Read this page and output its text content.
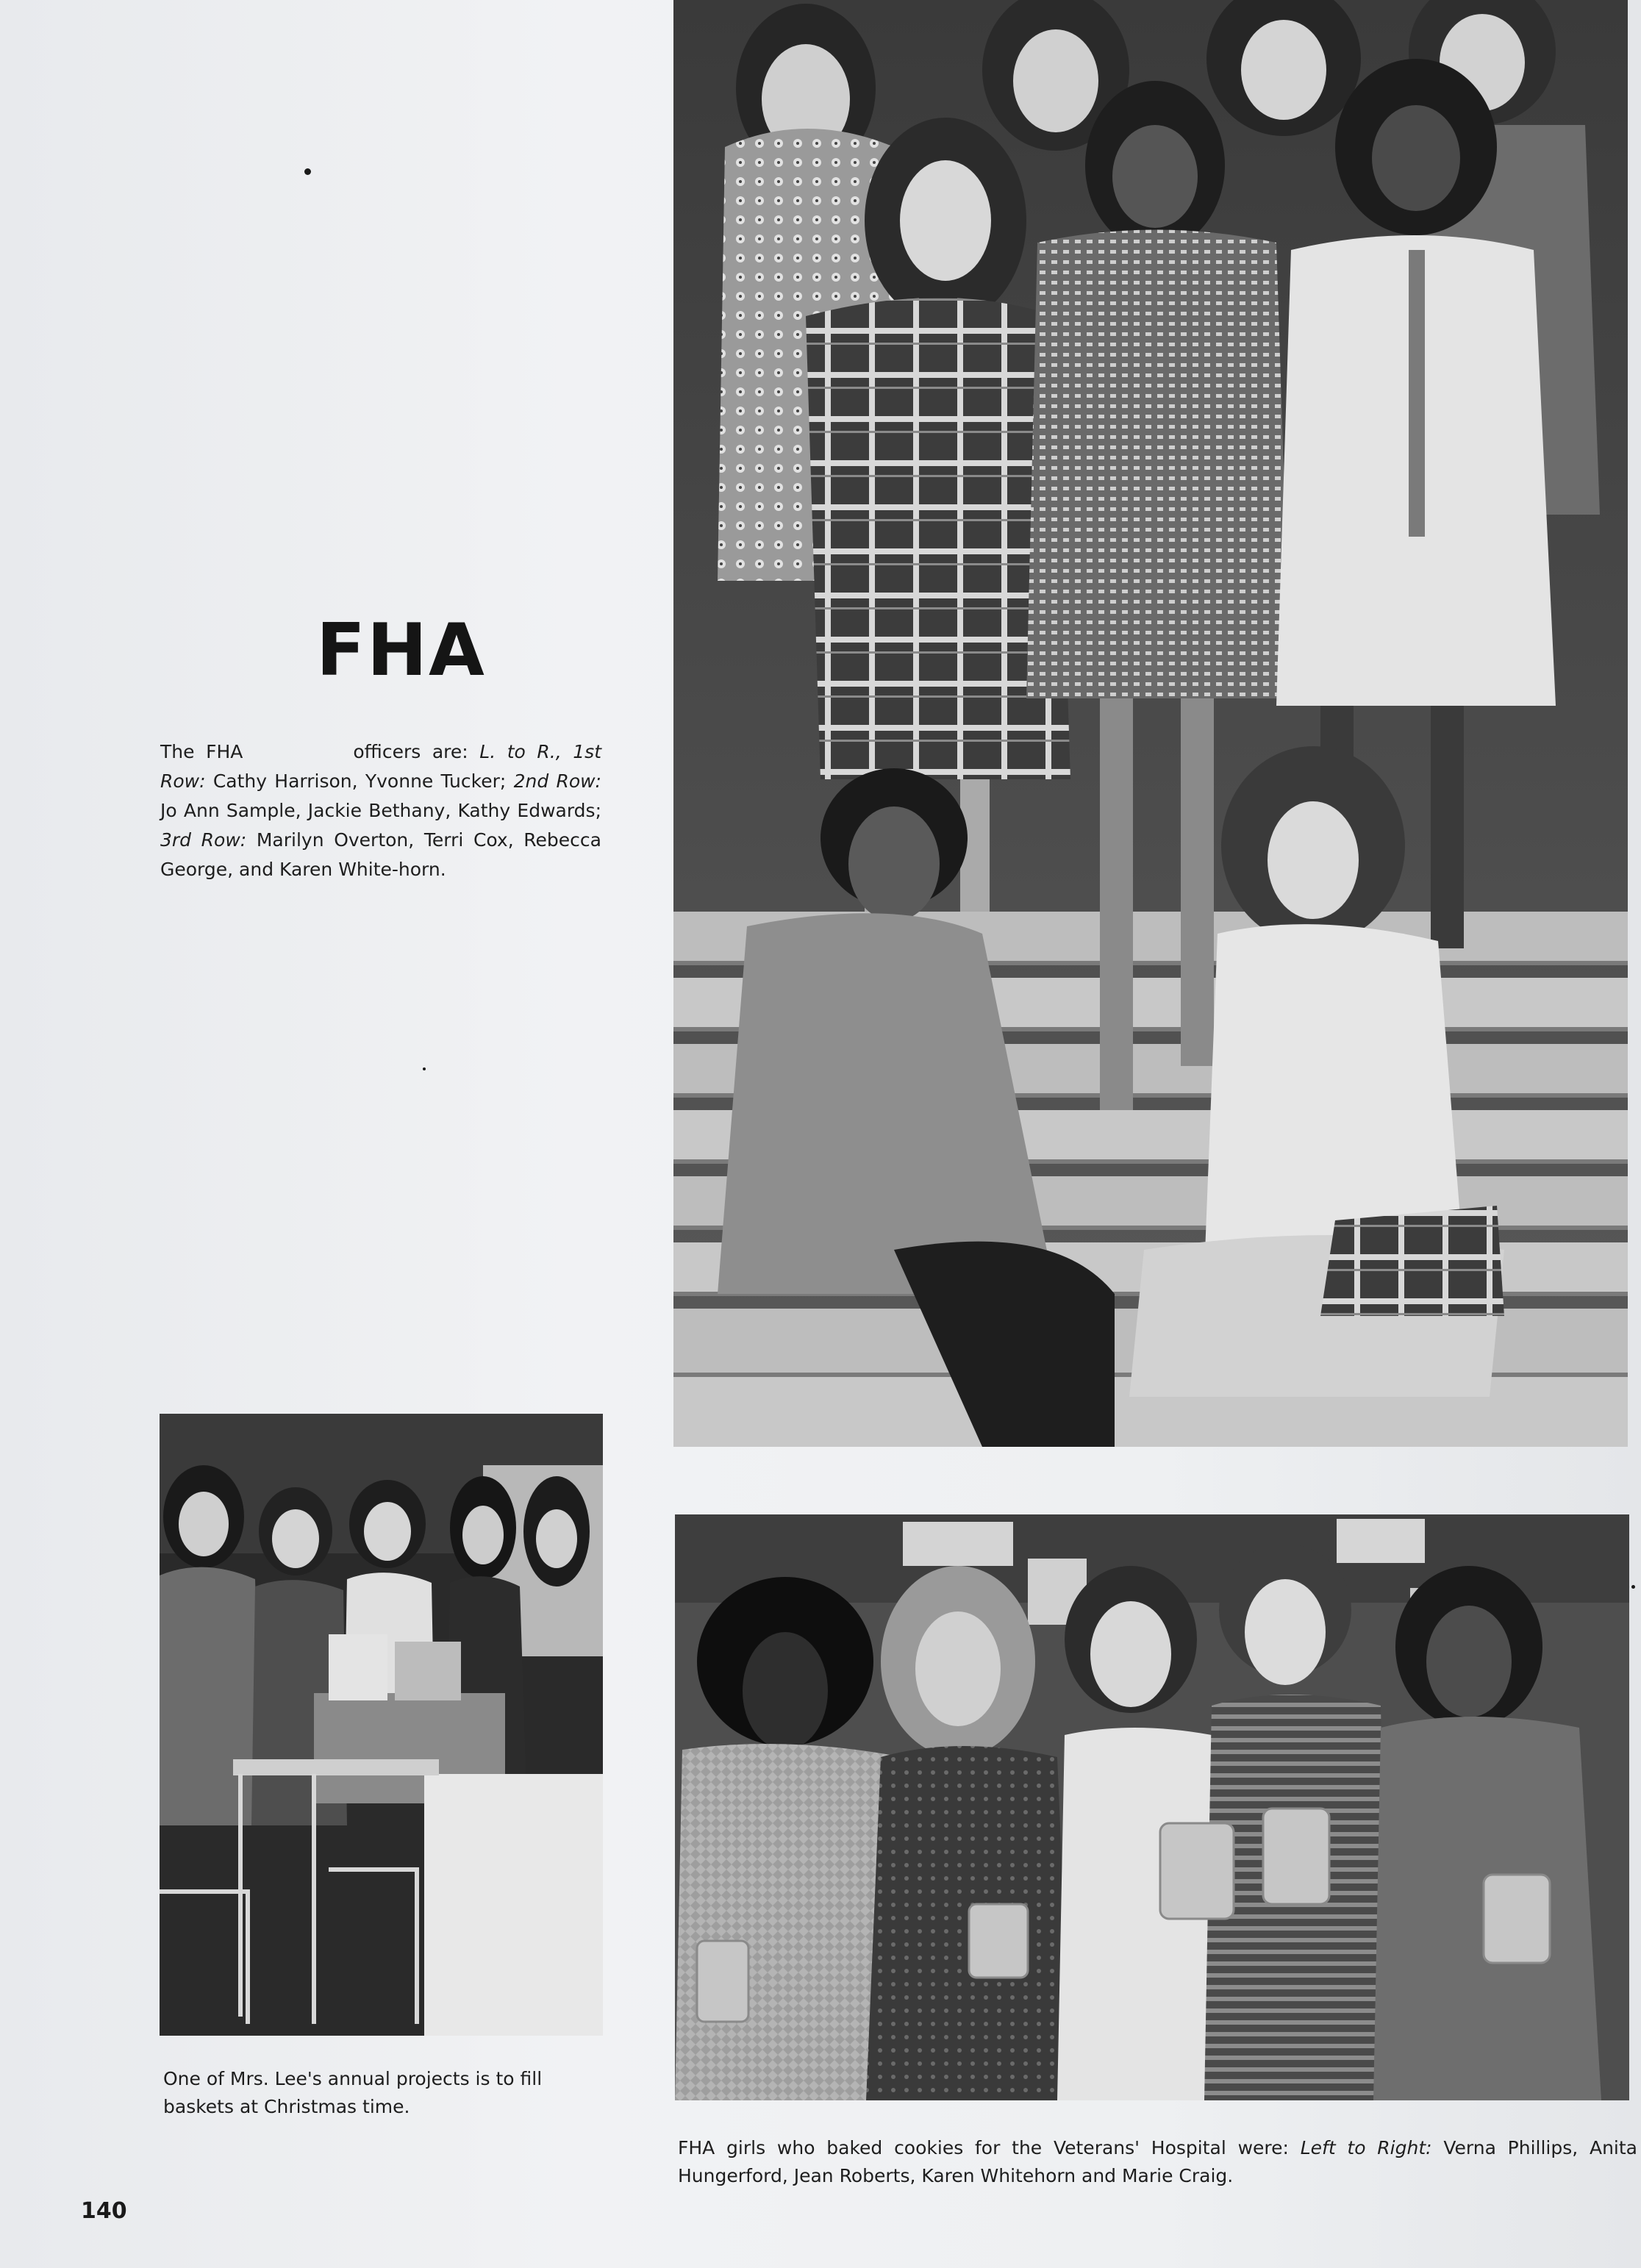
FHA

The FHA	officers are: L. to R., 1st Row: Cathy Harrison, Yvonne Tucker; 2nd Row: Jo Ann Sample, Jackie Bethany, Kathy Edwards; 3rd Row: Marilyn Overton, Terri Cox, Rebecca George, and Karen White-horn.

One of Mrs. Lee's annual projects is to fill baskets at Christmas time.

FHA girls who baked cookies for the Veterans' Hospital were: Left to Right: Verna Phillips, Anita Hungerford, Jean Roberts, Karen Whitehorn and Marie Craig.

140
